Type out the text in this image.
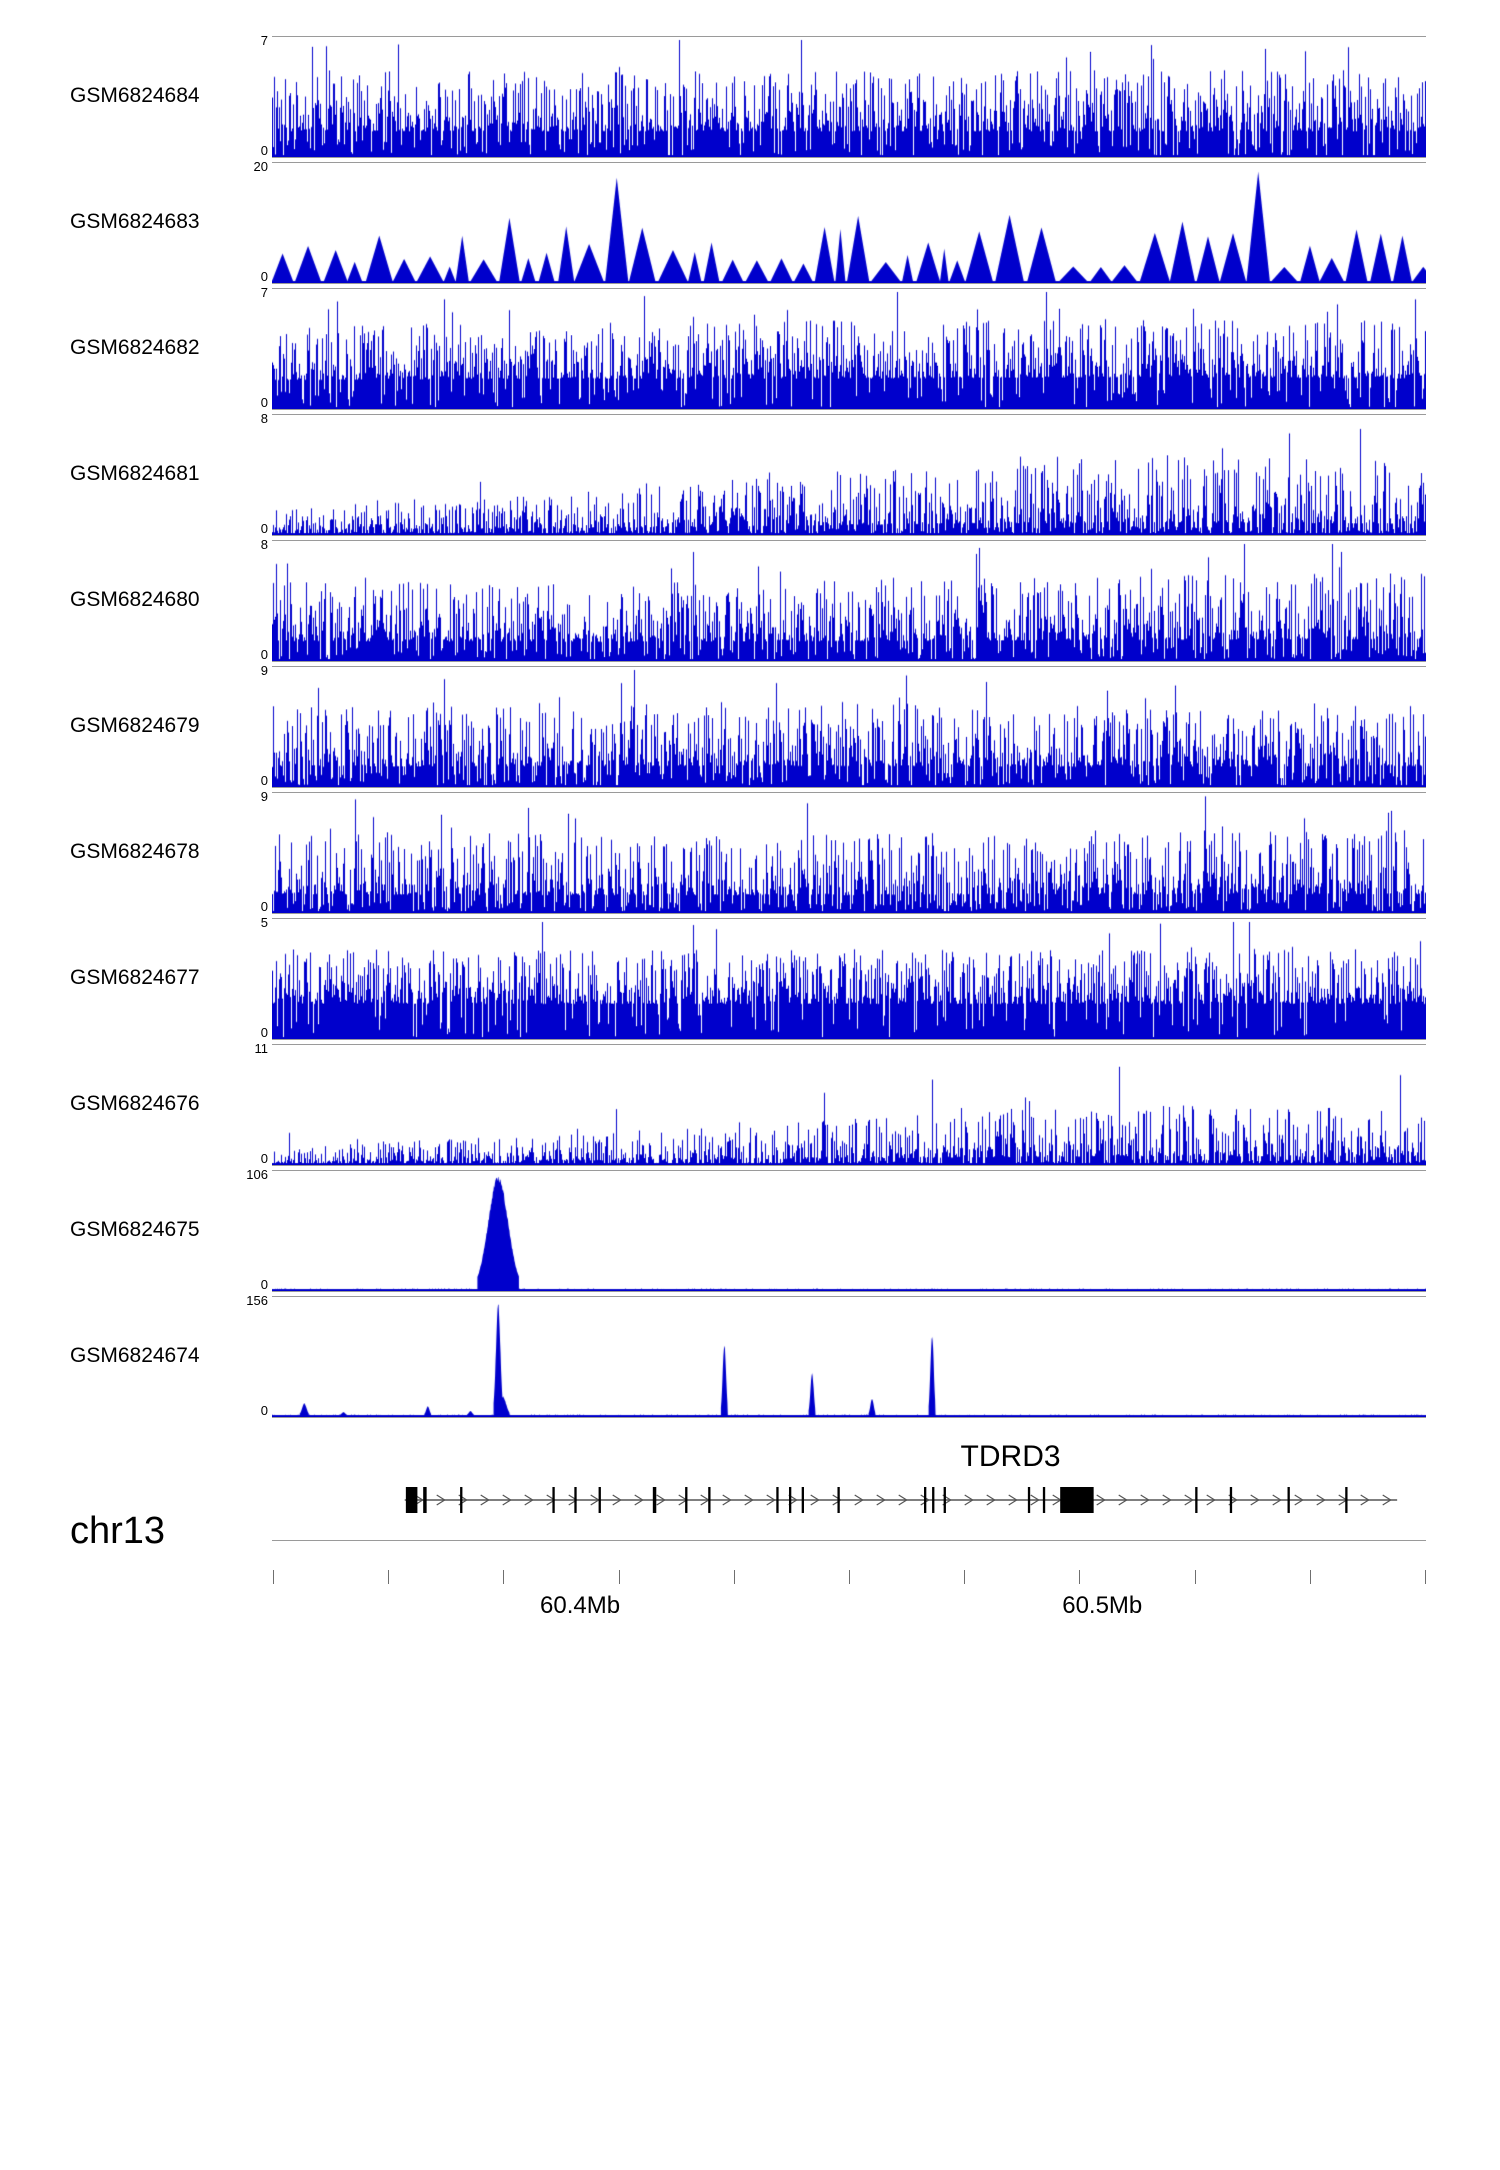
GSM6824684
7
0
GSM6824683
20
0
GSM6824682
7
0
GSM6824681
8
0
GSM6824680
8
0
GSM6824679
9
0
GSM6824678
9
0
GSM6824677
5
0
GSM6824676
11
0
GSM6824675
106
0
GSM6824674
156
0
TDRD3
chr13
60.4Mb	60.5Mb
